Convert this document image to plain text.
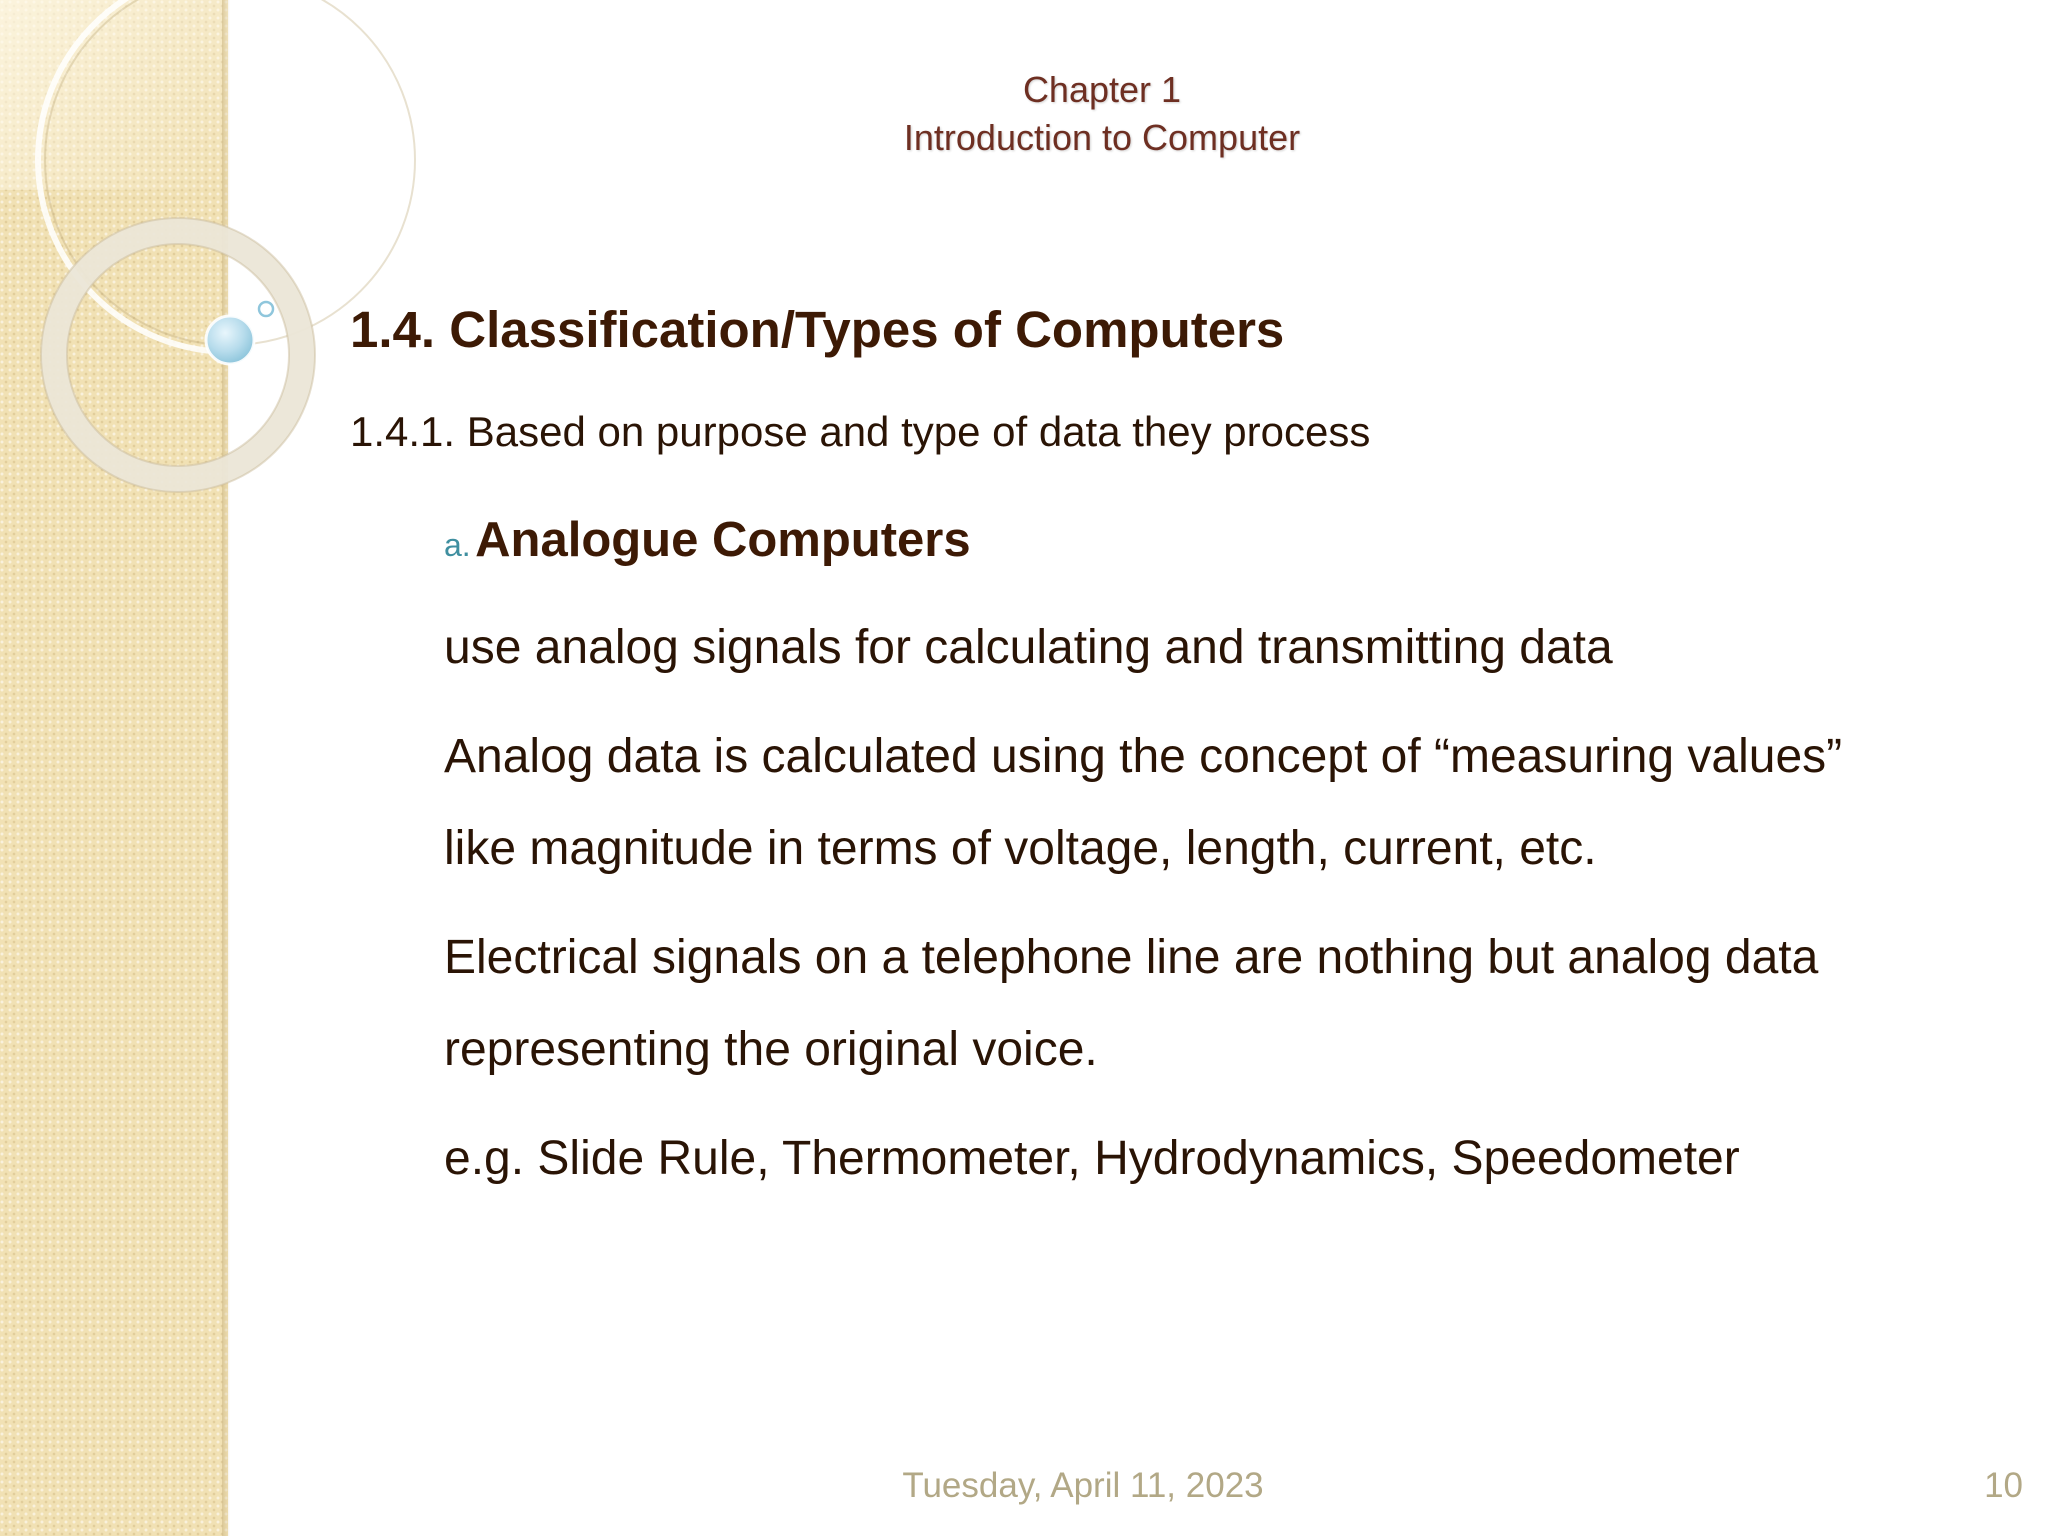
Chapter 1
Introduction to Computer
1.4. Classification/Types of Computers
1.4.1. Based on purpose and type of data they process
a. Analogue Computers
use analog signals for calculating and transmitting data
Analog data is calculated using the concept of “measuring values”
like magnitude in terms of voltage, length, current, etc.
Electrical signals on a telephone line are nothing but analog data
representing the original voice.
e.g. Slide Rule, Thermometer, Hydrodynamics, Speedometer
Tuesday, April 11, 2023	10
